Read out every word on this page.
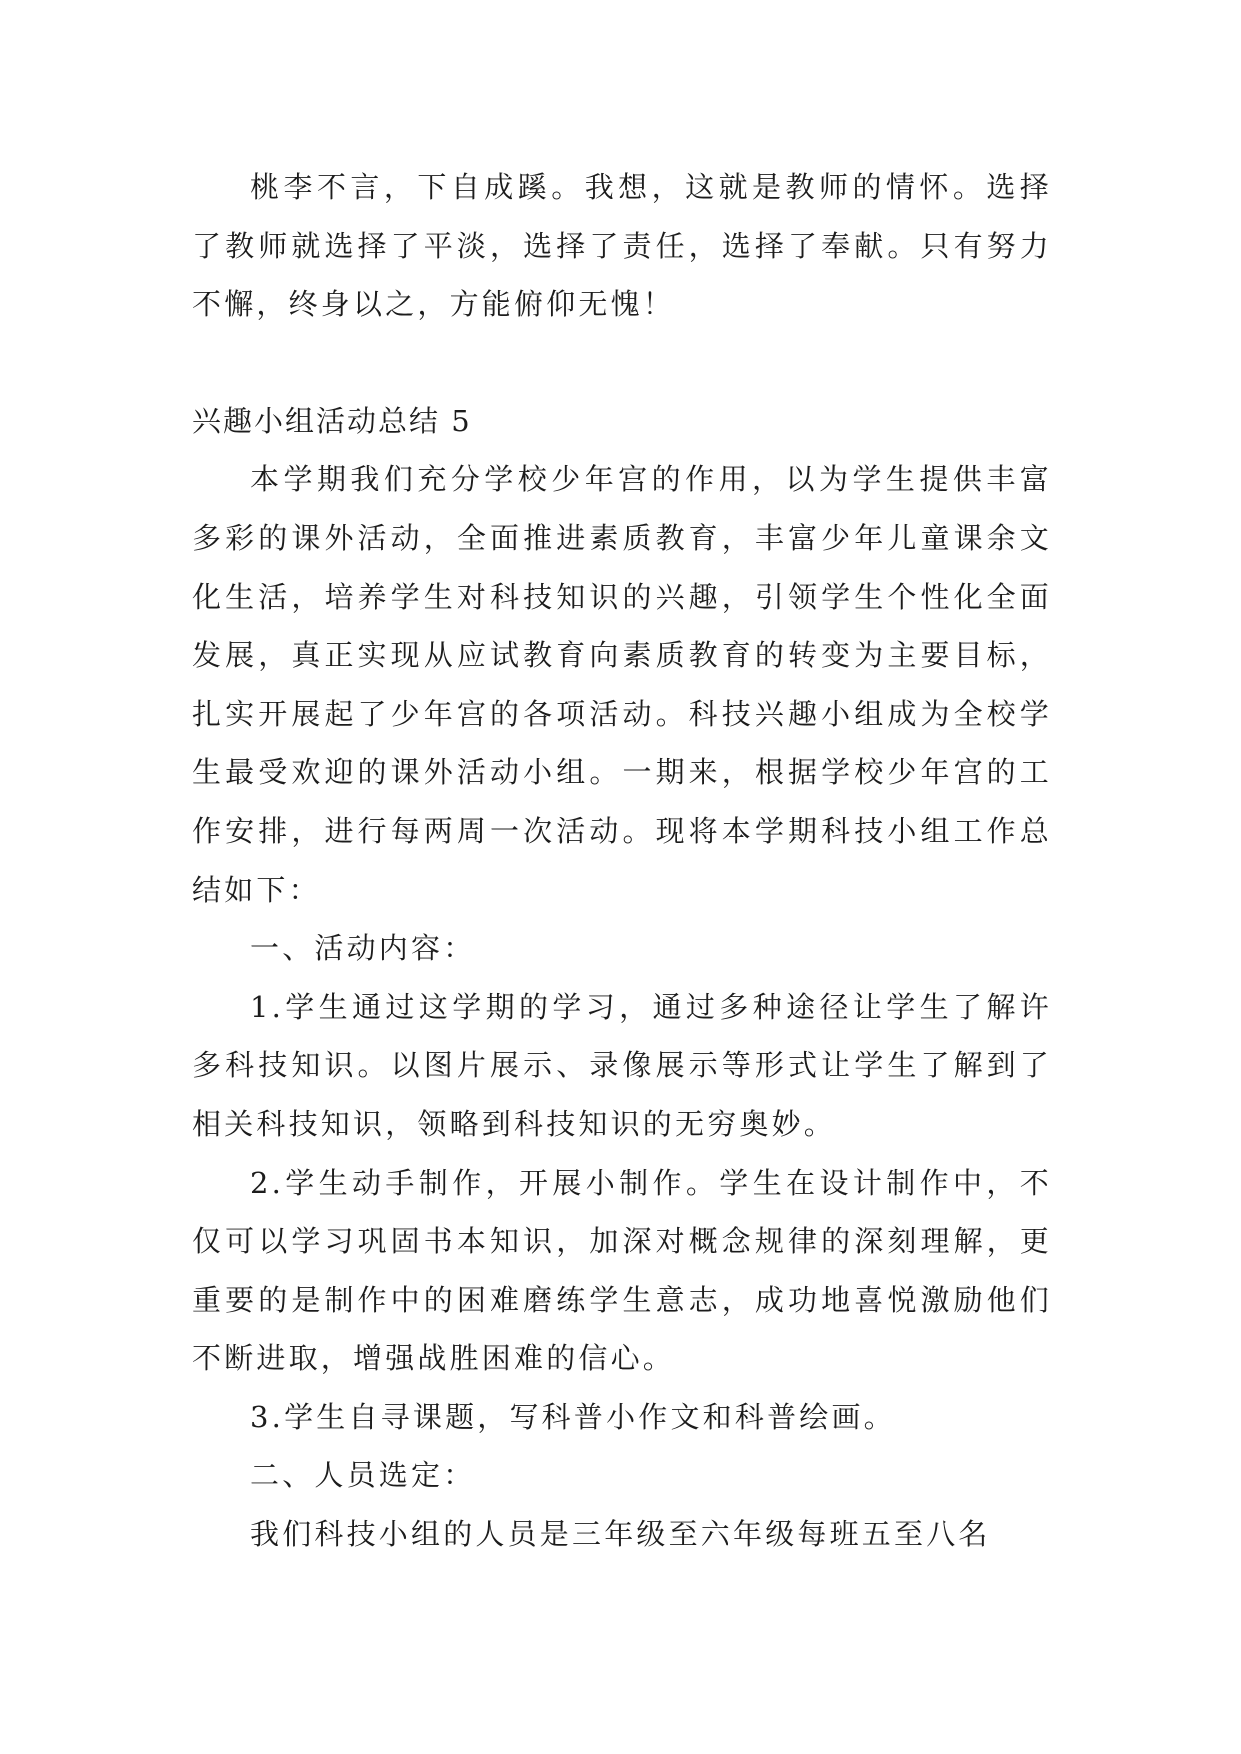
桃李不言，下自成蹊。我想，这就是教师的情怀。选择了教师就选择了平淡，选择了责任，选择了奉献。只有努力不懈，终身以之，方能俯仰无愧！

兴趣小组活动总结 5

本学期我们充分学校少年宫的作用，以为学生提供丰富多彩的课外活动，全面推进素质教育，丰富少年儿童课余文化生活，培养学生对科技知识的兴趣，引领学生个性化全面发展，真正实现从应试教育向素质教育的转变为主要目标，扎实开展起了少年宫的各项活动。科技兴趣小组成为全校学生最受欢迎的课外活动小组。一期来，根据学校少年宫的工作安排，进行每两周一次活动。现将本学期科技小组工作总结如下：

一、活动内容：

1.学生通过这学期的学习，通过多种途径让学生了解许多科技知识。以图片展示、录像展示等形式让学生了解到了相关科技知识，领略到科技知识的无穷奥妙。

2.学生动手制作，开展小制作。学生在设计制作中，不仅可以学习巩固书本知识，加深对概念规律的深刻理解，更重要的是制作中的困难磨练学生意志，成功地喜悦激励他们不断进取，增强战胜困难的信心。

3.学生自寻课题，写科普小作文和科普绘画。

二、人员选定：

我们科技小组的人员是三年级至六年级每班五至八名
